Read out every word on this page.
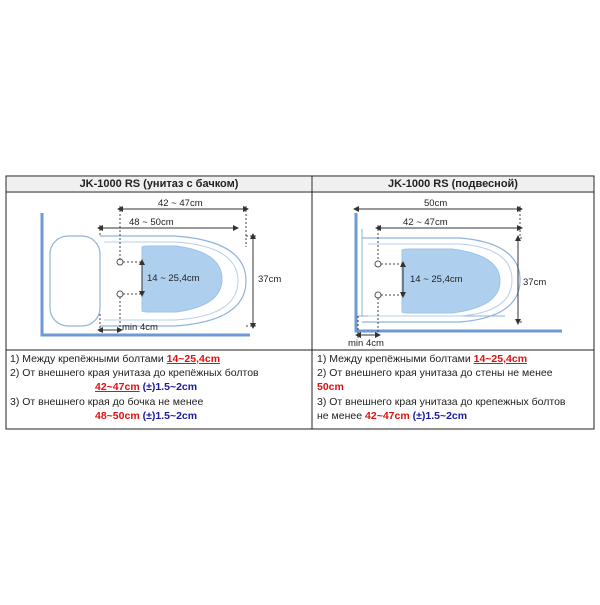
14 ~ 25,4cm
42 ~ 47cm
48 ~ 50cm
37cm
min 4cm
14 ~ 25,4cm
50cm
42 ~ 47cm
37cm
min 4cm
JK-1000 RS (унитаз с бачком)	JK-1000 RS (подвесной)
1) Между крепёжными болтами 14~25,4cm
2) От внешнего края унитаза до крепёжных болтов
42~47cm (±)1.5~2cm
3) От внешнего края до бочка не менее
48~50cm (±)1.5~2cm
1) Между крепёжными болтами 14~25,4cm
2) От внешнего края унитаза до стены не менее
50cm
3) От внешнего края унитаза до крепежных болтов
не менее 42~47cm (±)1.5~2cm
